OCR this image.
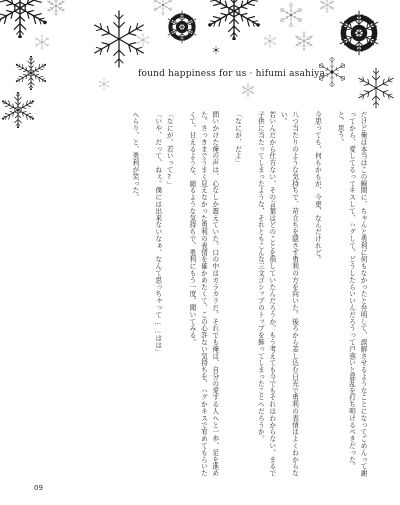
found happiness for us · hifumi asahiya

だけど俺は本当はこの瞬間に、ちゃんと勇利に何もなかったと弁明して、誤解させるようなことになってごめんって謝ってから、愛してるってキスして、ハグして、どうしたらいいんだろうって戸惑いと混乱を打ち明けるべきだった。と、思う。

今思っても、何もかもが、今更、なんだけれど。

八つ当たりのような気持ちで、苛立ちを隠さず勇利の方を向いた。後ろから差し込む日光で勇利の表情はよくわからない。

若いんだから仕方ない、その言葉はどのことを指していたんだろうか。もう考えても今でもそれはわからない。まるで子供に当たってしまったような、それともこんな三文ゴシップのトップを飾ってしまったことへだろうか。

「なにが、だよ」

問いかけた俺の声は、心なしか震えていた。口の中はカラカラだ。それでも俺は、自分の愛する人へと一歩、足を進めた。さっきまでうまく見えなかった勇利の表情を確かめたくて、この心許ない気持ちを、ハグかキスで宥めてもらいたくて、甘えるような、縋るような気持ちで、勇利にもう一度、聞いてみる。

「なにが、若いって?」

「いや、だって、ねぇ。僕には出来ないなぁ、なんて思っちゃって……はは」

へらり、と、勇利が笑った。

09
